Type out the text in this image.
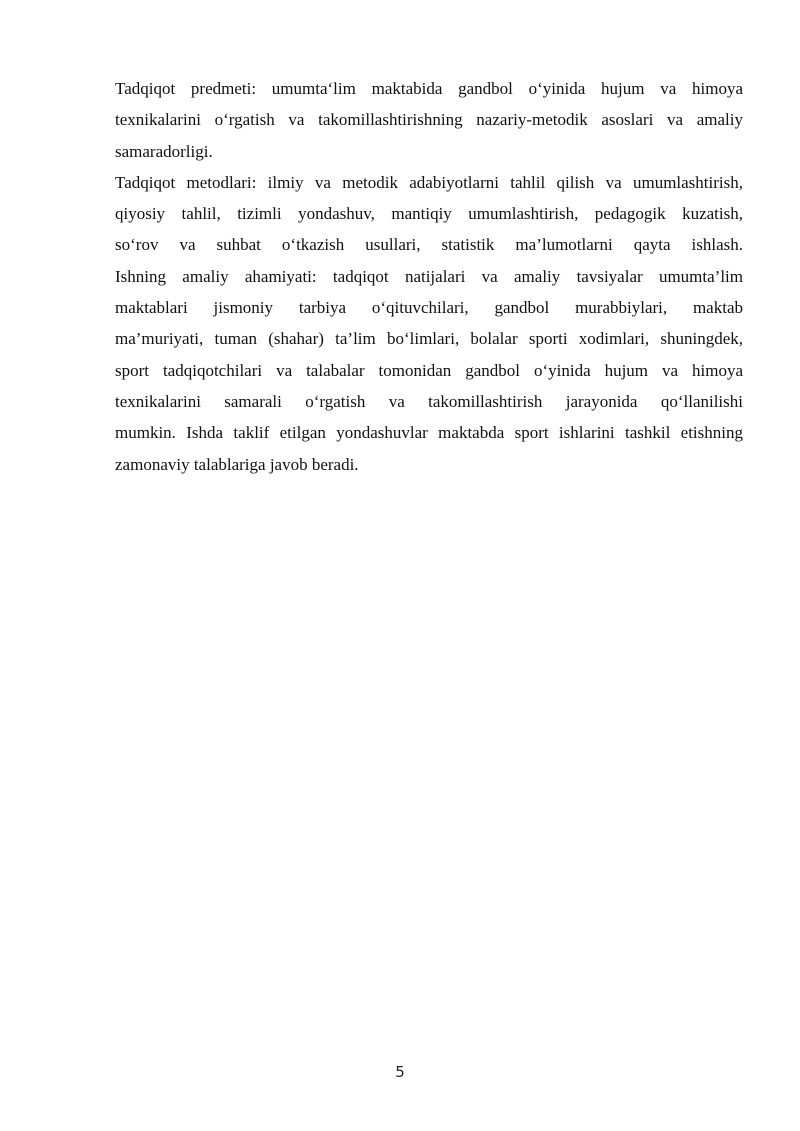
Tadqiqot predmeti: umumta‘lim maktabida gandbol o‘yinida hujum va himoya

texnikalarini o‘rgatish va takomillashtirishning nazariy-metodik asoslari va amaliy

samaradorligi.

Tadqiqot metodlari: ilmiy va metodik adabiyotlarni tahlil qilish va umumlashtirish,

qiyosiy tahlil, tizimli yondashuv, mantiqiy umumlashtirish, pedagogik kuzatish,

so‘rov va suhbat o‘tkazish usullari, statistik ma’lumotlarni qayta ishlash.

Ishning amaliy ahamiyati: tadqiqot natijalari va amaliy tavsiyalar umumta’lim

maktablari jismoniy tarbiya o‘qituvchilari, gandbol murabbiylari, maktab

ma’muriyati, tuman (shahar) ta’lim bo‘limlari, bolalar sporti xodimlari, shuningdek,

sport tadqiqotchilari va talabalar tomonidan gandbol o‘yinida hujum va himoya

texnikalarini samarali o‘rgatish va takomillashtirish jarayonida qo‘llanilishi

mumkin. Ishda taklif etilgan yondashuvlar maktabda sport ishlarini tashkil etishning

zamonaviy talablariga javob beradi.

5
